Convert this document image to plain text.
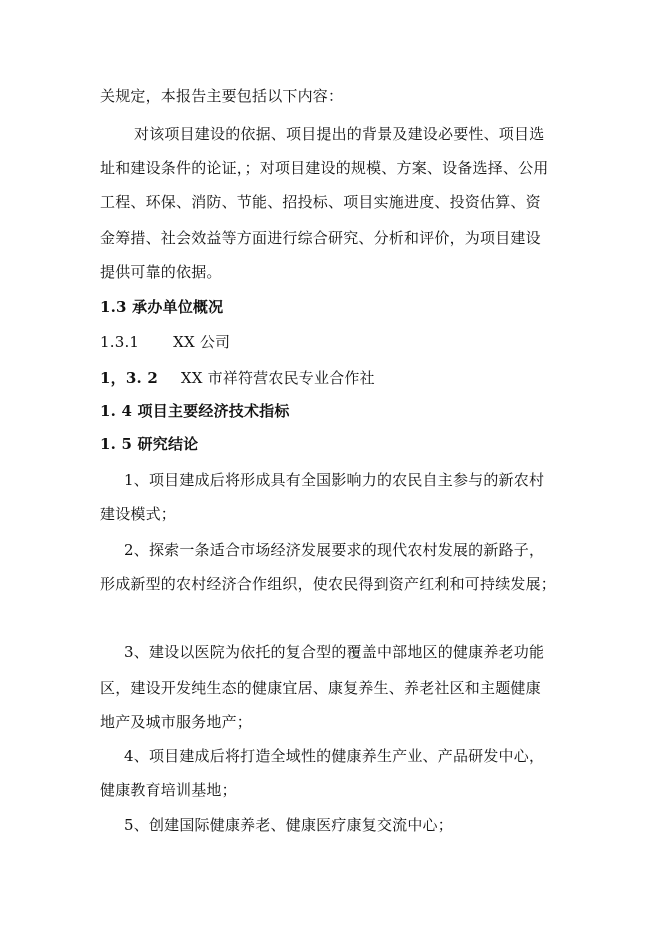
关规定，本报告主要包括以下内容：
对该项目建设的依据、项目提出的背景及建设必要性、项目选
址和建设条件的论证，；对项目建设的规模、方案、设备选择、公用
工程、环保、消防、节能、招投标、项目实施进度、投资估算、资
金筹措、社会效益等方面进行综合研究、分析和评价，为项目建设
提供可靠的依据。
1.3 承办单位概况
1.3.1 XX 公司
1，3. 2 XX 市祥符营农民专业合作社
1. 4 项目主要经济技术指标
1. 5 研究结论
1、项目建成后将形成具有全国影响力的农民自主参与的新农村
建设模式；
2、探索一条适合市场经济发展要求的现代农村发展的新路子，
形成新型的农村经济合作组织，使农民得到资产红利和可持续发展；
3、建设以医院为依托的复合型的覆盖中部地区的健康养老功能
区，建设开发纯生态的健康宜居、康复养生、养老社区和主题健康
地产及城市服务地产；
4、项目建成后将打造全域性的健康养生产业、产品研发中心，
健康教育培训基地；
5、创建国际健康养老、健康医疗康复交流中心；
